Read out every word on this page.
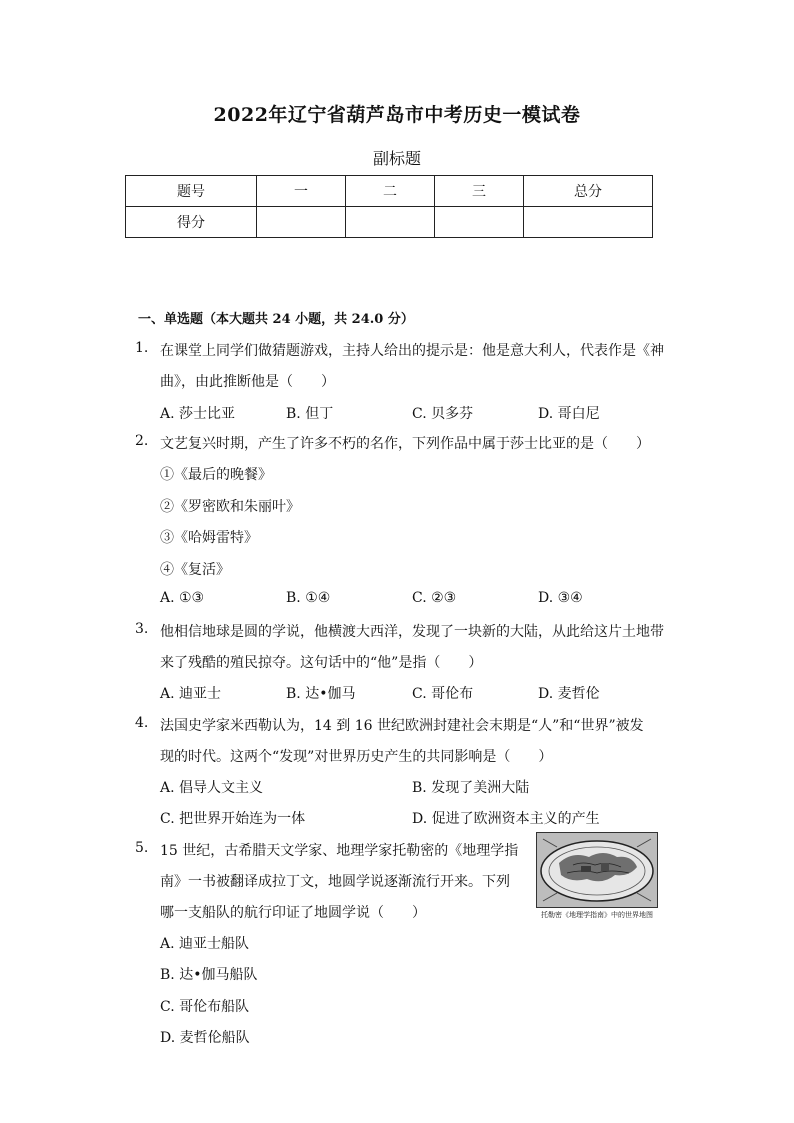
2022年辽宁省葫芦岛市中考历史一模试卷
副标题
题号	一	二	三	总分
得分				
一、单选题（本大题共 24 小题，共 24.0 分）
1. 在课堂上同学们做猜题游戏，主持人给出的提示是：他是意大利人，代表作是《神
曲》，由此推断他是（　　）
A. 莎士比亚	B. 但丁	C. 贝多芬	D. 哥白尼
2. 文艺复兴时期，产生了许多不朽的名作，下列作品中属于莎士比亚的是（　　）
①《最后的晚餐》
②《罗密欧和朱丽叶》
③《哈姆雷特》
④《复活》
A. ①③	B. ①④	C. ②③	D. ③④
3. 他相信地球是圆的学说，他横渡大西洋，发现了一块新的大陆，从此给这片土地带
来了残酷的殖民掠夺。这句话中的“他”是指（　　）
A. 迪亚士	B. 达•伽马	C. 哥伦布	D. 麦哲伦
4. 法国史学家米西勒认为，14 到 16 世纪欧洲封建社会末期是“人”和“世界”被发
现的时代。这两个“发现”对世界历史产生的共同影响是（　　）
A. 倡导人文主义	B. 发现了美洲大陆
C. 把世界开始连为一体	D. 促进了欧洲资本主义的产生
5. 15 世纪，古希腊天文学家、地理学家托勒密的《地理学指
南》一书被翻译成拉丁文，地圆学说逐渐流行开来。下列
哪一支船队的航行印证了地圆学说（　　）
A. 迪亚士船队
B. 达•伽马船队
C. 哥伦布船队
D. 麦哲伦船队
托勒密《地理学指南》中的世界地图
